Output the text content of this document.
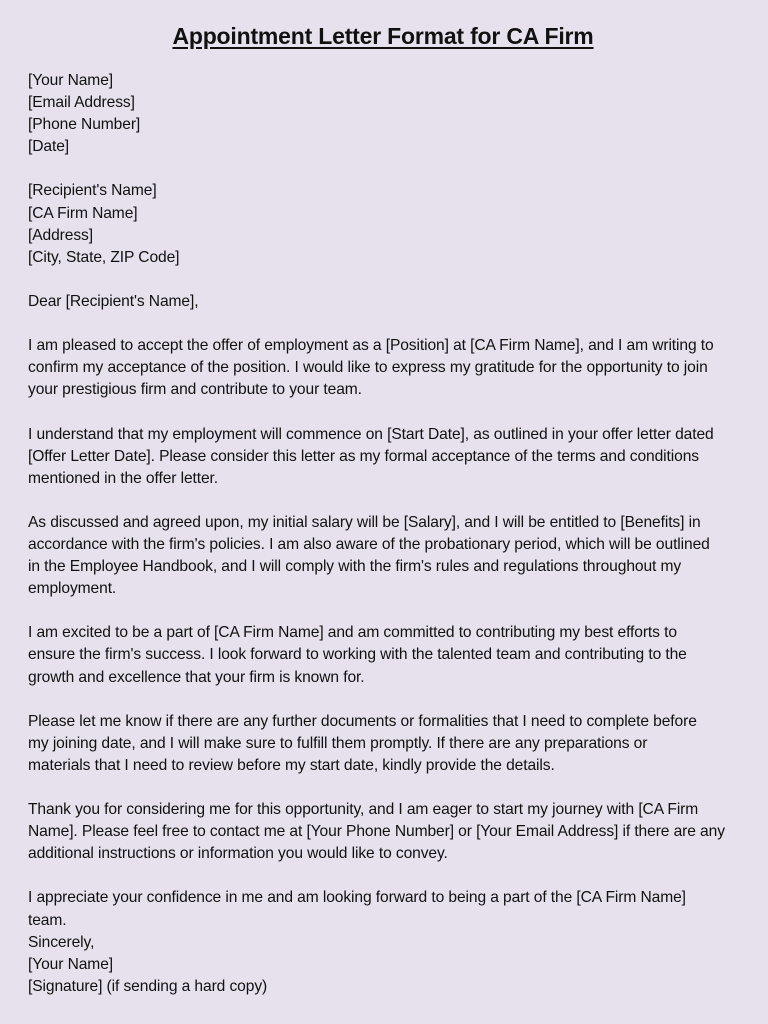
Appointment Letter Format for CA Firm
[Your Name]
[Email Address]
[Phone Number]
[Date]
[Recipient's Name]
[CA Firm Name]
[Address]
[City, State, ZIP Code]
Dear [Recipient's Name],
I am pleased to accept the offer of employment as a [Position] at [CA Firm Name], and I am writing to
confirm my acceptance of the position. I would like to express my gratitude for the opportunity to join
your prestigious firm and contribute to your team.
I understand that my employment will commence on [Start Date], as outlined in your offer letter dated
[Offer Letter Date]. Please consider this letter as my formal acceptance of the terms and conditions
mentioned in the offer letter.
As discussed and agreed upon, my initial salary will be [Salary], and I will be entitled to [Benefits] in
accordance with the firm's policies. I am also aware of the probationary period, which will be outlined
in the Employee Handbook, and I will comply with the firm's rules and regulations throughout my
employment.
I am excited to be a part of [CA Firm Name] and am committed to contributing my best efforts to
ensure the firm's success. I look forward to working with the talented team and contributing to the
growth and excellence that your firm is known for.
Please let me know if there are any further documents or formalities that I need to complete before
my joining date, and I will make sure to fulfill them promptly. If there are any preparations or
materials that I need to review before my start date, kindly provide the details.
Thank you for considering me for this opportunity, and I am eager to start my journey with [CA Firm
Name]. Please feel free to contact me at [Your Phone Number] or [Your Email Address] if there are any
additional instructions or information you would like to convey.
I appreciate your confidence in me and am looking forward to being a part of the [CA Firm Name]
team.
Sincerely,
[Your Name]
[Signature] (if sending a hard copy)
